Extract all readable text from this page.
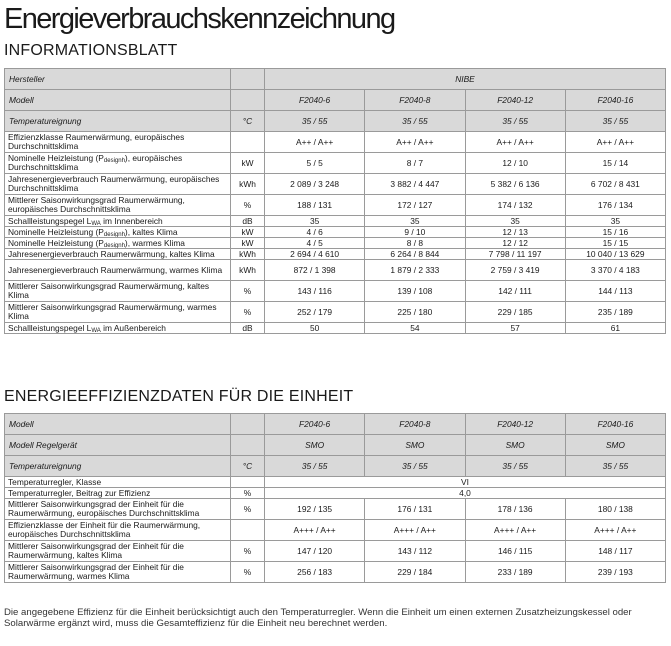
Energieverbrauchskennzeichnung
INFORMATIONSBLATT
Hersteller		NIBE			
Modell		F2040-6	F2040-8	F2040-12	F2040-16
Temperatureignung	°C	35 / 55	35 / 55	35 / 55	35 / 55
Effizienzklasse Raumerwärmung, europäisches Durchschnittsklima		A++ / A++	A++ / A++	A++ / A++	A++ / A++
Nominelle Heizleistung $(P_{designh})$, europäisches Durchschnittsklima	kW	5 / 5	8 / 7	12 / 10	15 / 14
Jahresenergieverbrauch Raumerwärmung, europäisches Durchschnittsklima	kWh	2 089 / 3 248	3 882 / 4 447	5 382 / 6 136	6 702 / 8 431
Mittlerer Saisonwirkungsgrad Raumerwärmung, europäisches Durchschnittsklima	%	188 / 131	172 / 127	174 / 132	176 / 134
Schallleistungspegel $L_{WA}$ im Innenbereich	dB	35	35	35	35
Nominelle Heizleistung $(P_{designh})$, kaltes Klima	kW	4 / 6	9 / 10	12 / 13	15 / 16
Nominelle Heizleistung $(P_{designh})$, warmes Klima	kW	4 / 5	8 / 8	12 / 12	15 / 15
Jahresenergieverbrauch Raumerwärmung, kaltes Klima	kWh	2 694 / 4 610	6 264 / 8 844	7 798 / 11 197	10 040 / 13 629
Jahresenergieverbrauch Raumerwärmung, warmes Klima	kWh	872 / 1 398	1 879 / 2 333	2 759 / 3 419	3 370 / 4 183
Mittlerer Saisonwirkungsgrad Raumerwärmung, kaltes Klima	%	143 / 116	139 / 108	142 / 111	144 / 113
Mittlerer Saisonwirkungsgrad Raumerwärmung, warmes Klima	%	252 / 179	225 / 180	229 / 185	235 / 189
Schallleistungspegel $L_{WA}$ im Außenbereich	dB	50	54	57	61
ENERGIEEFFIZIENZDATEN FÜR DIE EINHEIT
Modell		F2040-6	F2040-8	F2040-12	F2040-16
Modell Regelgerät		SMO	SMO	SMO	SMO
Temperatureignung	°C	35 / 55	35 / 55	35 / 55	35 / 55
Temperaturregler, Klasse		VI			
Temperaturregler, Beitrag zur Effizienz	%	4,0			
Mittlerer Saisonwirkungsgrad der Einheit für die Raumerwärmung, europäisches Durchschnittsklima	%	192 / 135	176 / 131	178 / 136	180 / 138
Effizienzklasse der Einheit für die Raumerwärmung, europäisches Durchschnittsklima		A+++ / A++	A+++ / A++	A+++ / A++	A+++ / A++
Mittlerer Saisonwirkungsgrad der Einheit für die Raumerwärmung, kaltes Klima	%	147 / 120	143 / 112	146 / 115	148 / 117
Mittlerer Saisonwirkungsgrad der Einheit für die Raumerwärmung, warmes Klima	%	256 / 183	229 / 184	233 / 189	239 / 193
Die angegebene Effizienz für die Einheit berücksichtigt auch den Temperaturregler. Wenn die Einheit um einen externen Zusatzheizungskessel oder Solarwärme ergänzt wird, muss die Gesamteffizienz für die Einheit neu berechnet werden.
